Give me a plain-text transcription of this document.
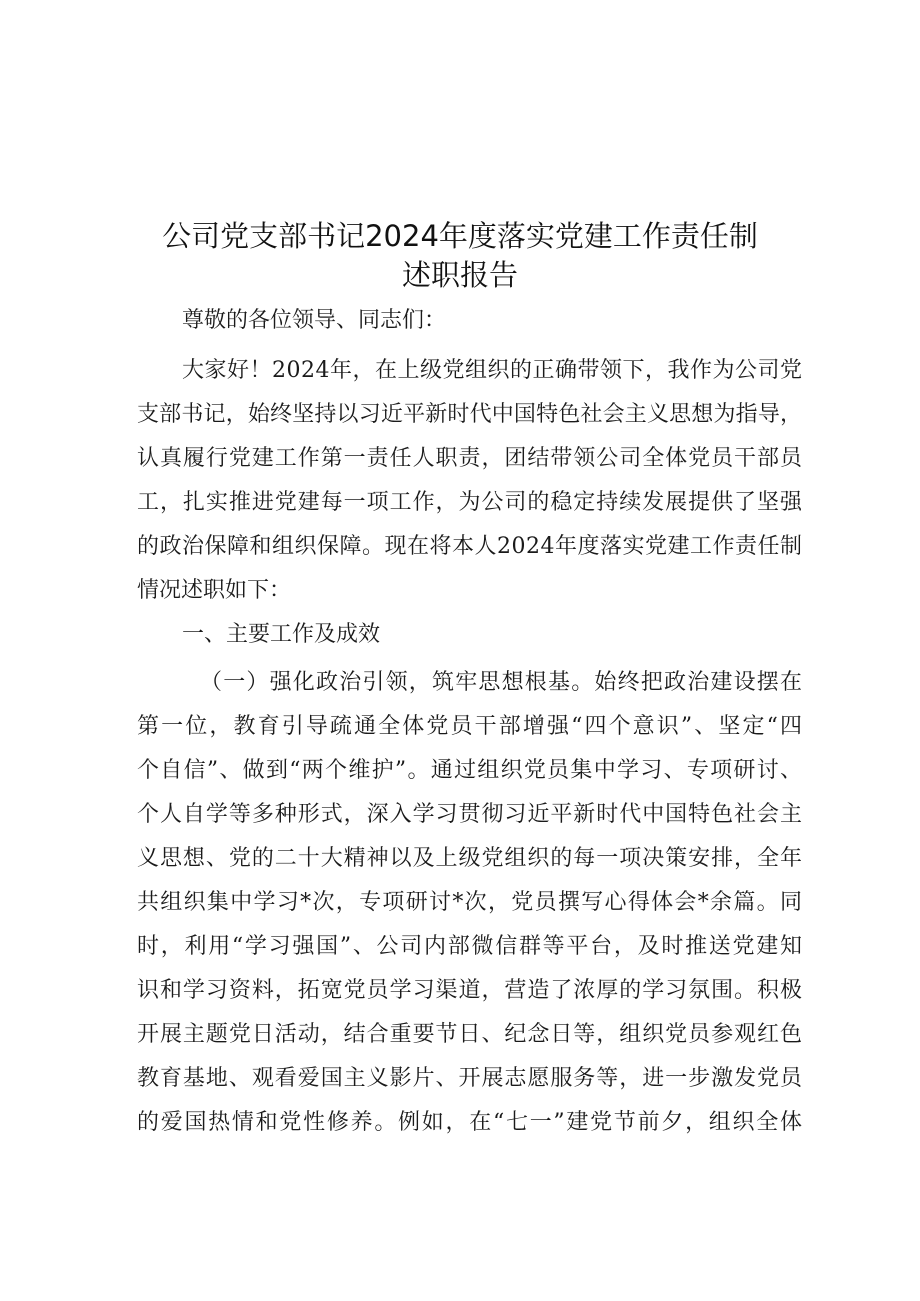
公司党支部书记2024年度落实党建工作责任制
述职报告
尊敬的各位领导、同志们：
大家好！2024年，在上级党组织的正确带领下，我作为公司党
支部书记，始终坚持以习近平新时代中国特色社会主义思想为指导，
认真履行党建工作第一责任人职责，团结带领公司全体党员干部员
工，扎实推进党建每一项工作，为公司的稳定持续发展提供了坚强
的政治保障和组织保障。现在将本人2024年度落实党建工作责任制
情况述职如下：
一、主要工作及成效
（一）强化政治引领，筑牢思想根基。始终把政治建设摆在
第一位，教育引导疏通全体党员干部增强“四个意识”、坚定“四
个自信”、做到“两个维护”。通过组织党员集中学习、专项研讨、
个人自学等多种形式，深入学习贯彻习近平新时代中国特色社会主
义思想、党的二十大精神以及上级党组织的每一项决策安排，全年
共组织集中学习*次，专项研讨*次，党员撰写心得体会*余篇。同
时，利用“学习强国”、公司内部微信群等平台，及时推送党建知
识和学习资料，拓宽党员学习渠道，营造了浓厚的学习氛围。积极
开展主题党日活动，结合重要节日、纪念日等，组织党员参观红色
教育基地、观看爱国主义影片、开展志愿服务等，进一步激发党员
的爱国热情和党性修养。例如，在“七一”建党节前夕，组织全体
